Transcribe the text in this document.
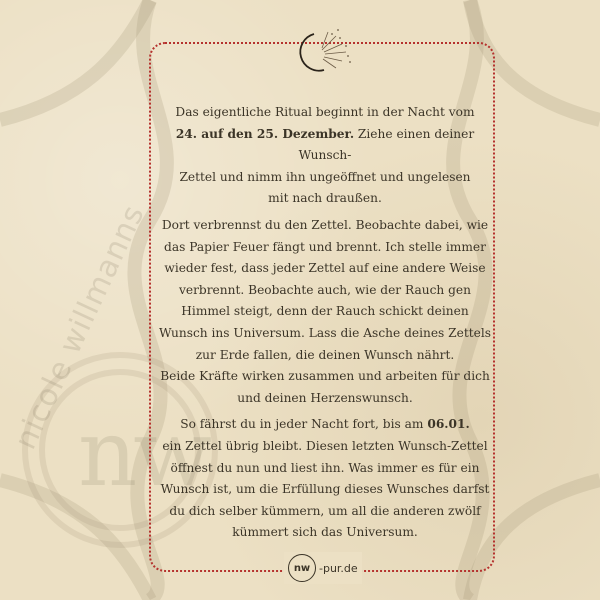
nicole willmanns
nw

Das eigentliche Ritual beginnt in der Nacht vom
24. auf den 25. Dezember. Ziehe einen deiner Wunsch-
Zettel und nimm ihn ungeöffnet und ungelesen
mit nach draußen.

Dort verbrennst du den Zettel. Beobachte dabei, wie
das Papier Feuer fängt und brennt. Ich stelle immer
wieder fest, dass jeder Zettel auf eine andere Weise
verbrennt. Beobachte auch, wie der Rauch gen
Himmel steigt, denn der Rauch schickt deinen
Wunsch ins Universum. Lass die Asche deines Zettels
zur Erde fallen, die deinen Wunsch nährt.
Beide Kräfte wirken zusammen und arbeiten für dich
und deinen Herzenswunsch.

So fährst du in jeder Nacht fort, bis am 06.01.
ein Zettel übrig bleibt. Diesen letzten Wunsch-Zettel
öffnest du nun und liest ihn. Was immer es für ein
Wunsch ist, um die Erfüllung dieses Wunsches darfst
du dich selber kümmern, um all die anderen zwölf
kümmert sich das Universum.

nw -pur.de
